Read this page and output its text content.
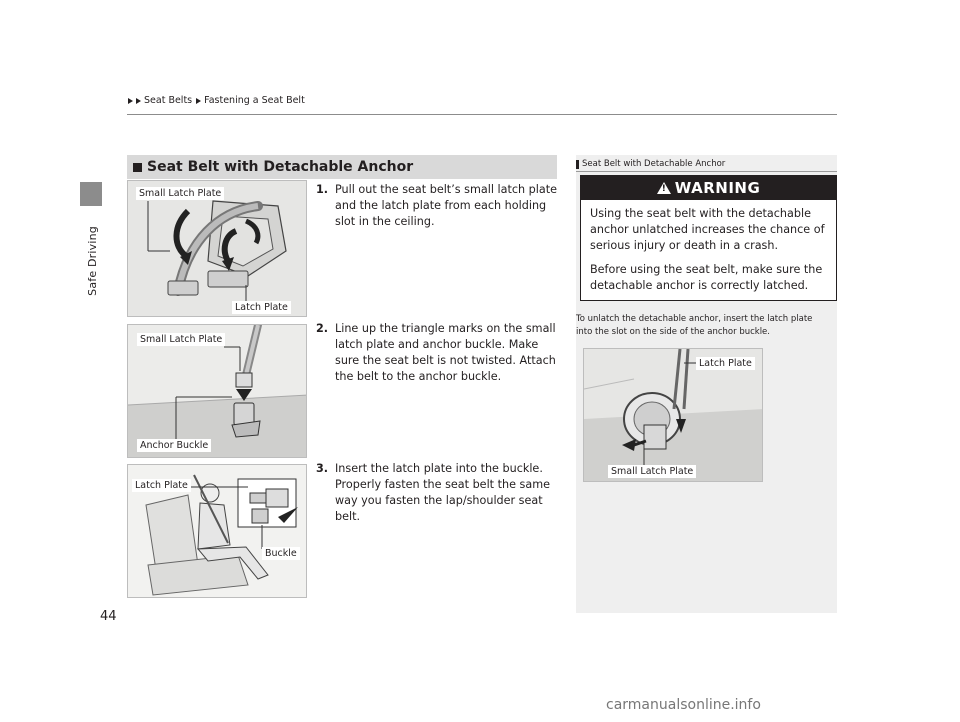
Safe Driving
Seat Belts Fastening a Seat Belt
Seat Belt with Detachable Anchor
Small Latch Plate
Latch Plate
Small Latch Plate
Anchor Buckle
Latch Plate
Buckle
1. Pull out the seat belt’s small latch plate and the latch plate from each holding slot in the ceiling.
2. Line up the triangle marks on the small latch plate and anchor buckle. Make sure the seat belt is not twisted. Attach the belt to the anchor buckle.
3. Insert the latch plate into the buckle. Properly fasten the seat belt the same way you fasten the lap/shoulder seat belt.
Seat Belt with Detachable Anchor
! WARNING

Using the seat belt with the detachable anchor unlatched increases the chance of serious injury or death in a crash.

Before using the seat belt, make sure the detachable anchor is correctly latched.

To unlatch the detachable anchor, insert the latch plate into the slot on the side of the anchor buckle.
Latch Plate
Small Latch Plate
44
carmanualsonline.info
